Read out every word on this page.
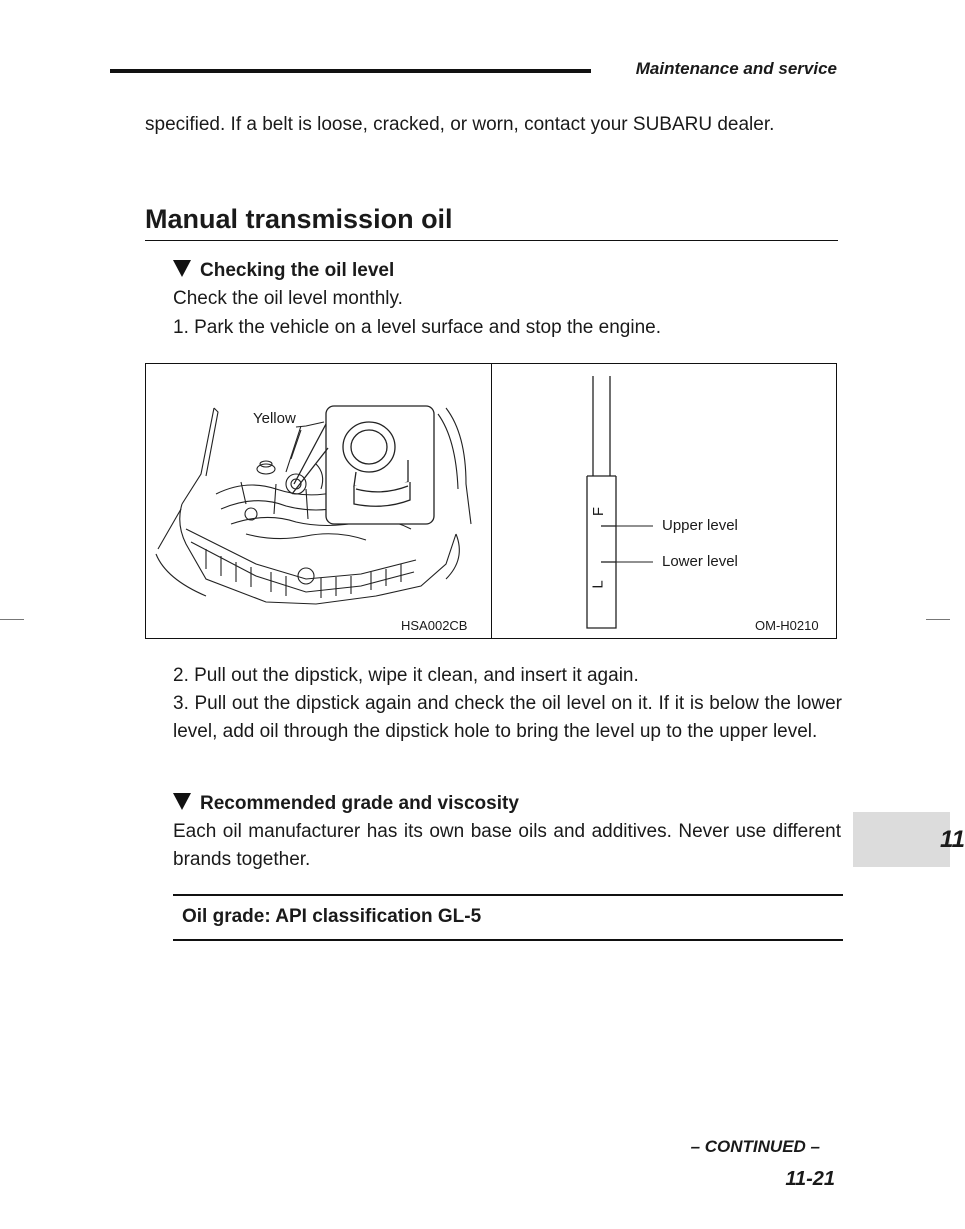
Maintenance and service
specified. If a belt is loose, cracked, or worn, contact your SUBARU dealer.
Manual transmission oil
Checking the oil level
Check the oil level monthly.
1. Park the vehicle on a level surface and stop the engine.
Yellow
HSA002CB
Upper level
Lower level
OM-H0210
F
L
2. Pull out the dipstick, wipe it clean, and insert it again.
3. Pull out the dipstick again and check the oil level on it. If it is below the lower level, add oil through the dipstick hole to bring the level up to the upper level.
Recommended grade and viscosity
Each oil manufacturer has its own base oils and additives. Never use different brands together.
Oil grade: API classification GL-5
11
– CONTINUED –
11-21
